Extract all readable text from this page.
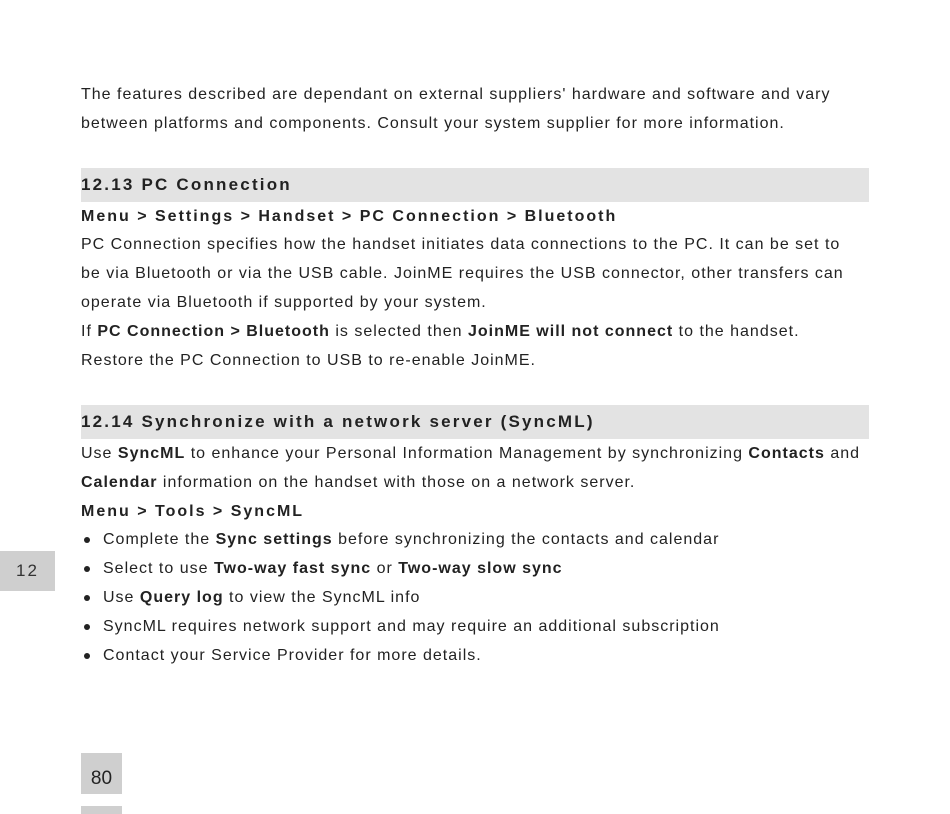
The features described are dependant on external suppliers' hardware and software and vary
between platforms and components. Consult your system supplier for more information.

12.13 PC Connection
Menu > Settings > Handset > PC Connection > Bluetooth

PC Connection specifies how the handset initiates data connections to the PC. It can be set to
be via Bluetooth or via the USB cable. JoinME requires the USB connector, other transfers can
operate via Bluetooth if supported by your system.
If PC Connection > Bluetooth is selected then JoinME will not connect to the handset.
Restore the PC Connection to USB to re-enable JoinME.

12.14 Synchronize with a network server (SyncML)

Use SyncML to enhance your Personal Information Management by synchronizing Contacts and
Calendar information on the handset with those on a network server.

Menu > Tools > SyncML
Complete the Sync settings before synchronizing the contacts and calendar
Select to use Two-way fast sync or Two-way slow sync
Use Query log to view the SyncML info
SyncML requires network support and may require an additional subscription
Contact your Service Provider for more details.
12
80
